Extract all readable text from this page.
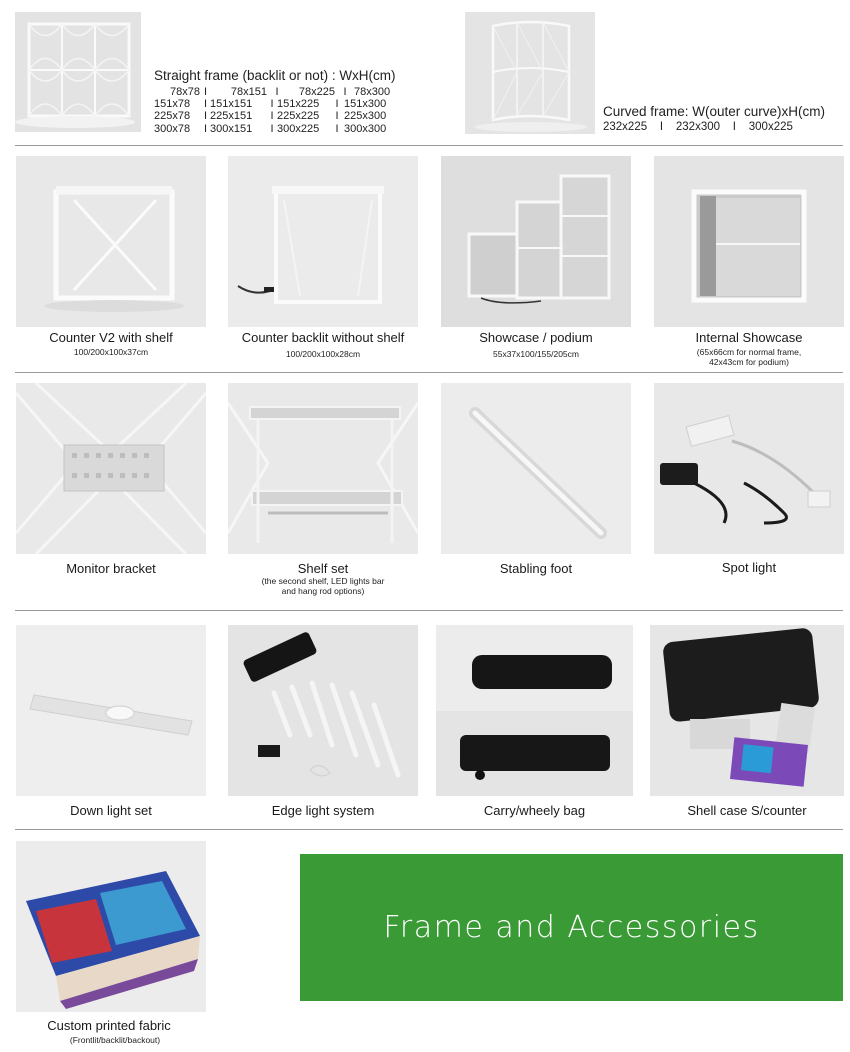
Straight frame (backlit or not) : WxH(cm)
78x78 I	78x151 I	78x225 I 78x300
151x78	I 151x151	I 151x225	I 151x300
225x78	I 225x151	I 225x225	I 225x300
300x78	I 300x151	I 300x225	I 300x300
Curved frame: W(outer curve)xH(cm)
232x225    I    232x300    I    300x225
Counter V2 with shelf
100/200x100x37cm
Counter backlit without shelf
100/200x100x28cm
Showcase / podium
55x37x100/155/205cm
Internal Showcase
(65x66cm for normal frame,
42x43cm for podium)
Monitor bracket	Shelf set
(the second shelf, LED lights bar
and hang rod options)
Stabling foot	Spot light
Down light set	Edge light system	Carry/wheely bag	Shell case S/counter
Custom printed fabric
(Frontlit/backlit/backout)
Frame and Accessories
